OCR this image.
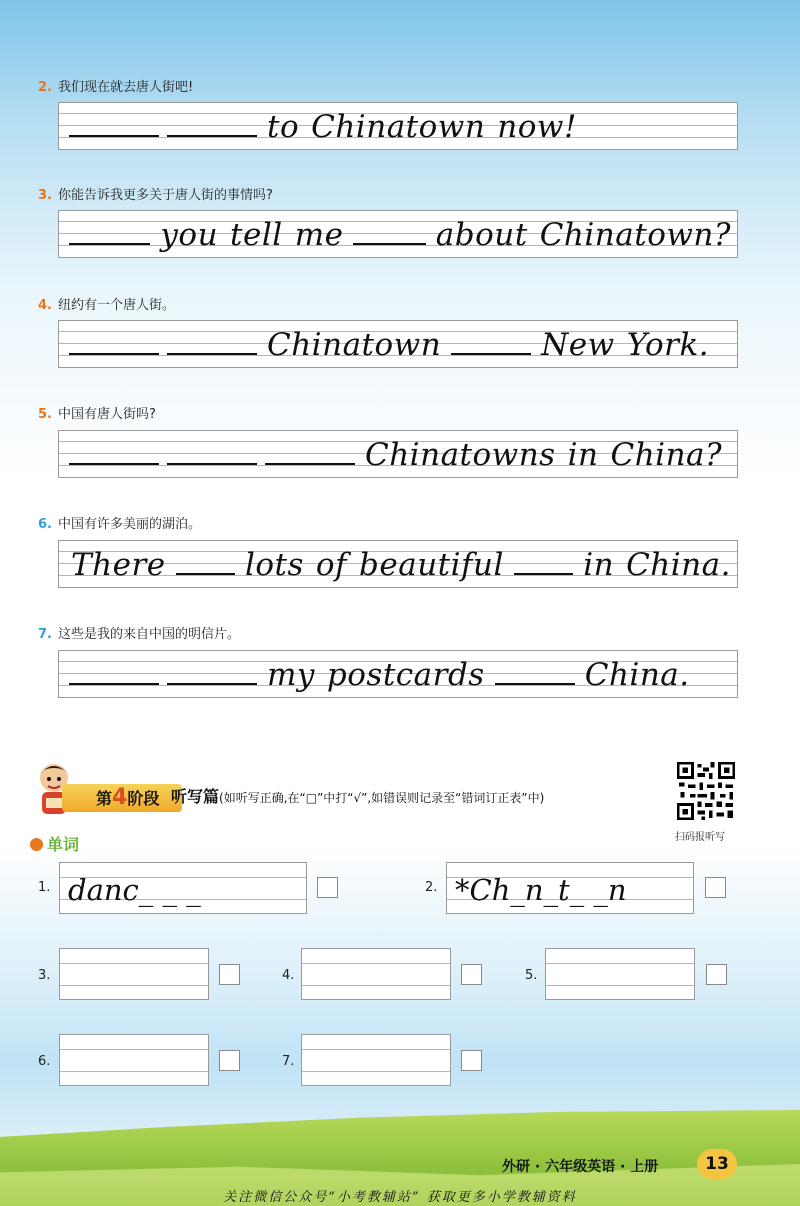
2. 我们现在就去唐人街吧!
to Chinatown now!
3. 你能告诉我更多关于唐人街的事情吗?
you tell me	about Chinatown?
4. 纽约有一个唐人街。
Chinatown	New York.
5. 中国有唐人街吗?
Chinatowns in China?
6. 中国有许多美丽的湖泊。
There	lots of beautiful	in China.
7. 这些是我的来自中国的明信片。
my postcards	China.
第4阶段 听写篇(如听写正确,在“□”中打“√”,如错误则记录至“错词订正表”中)
扫码报听写
单词
1. danc_ _ _	2. *Ch_n_t_ _n
3.	4.	5.
6.	7.
外研 · 六年级英语 · 上册	13
关注微信公众号“小考教辅站” 获取更多小学教辅资料
